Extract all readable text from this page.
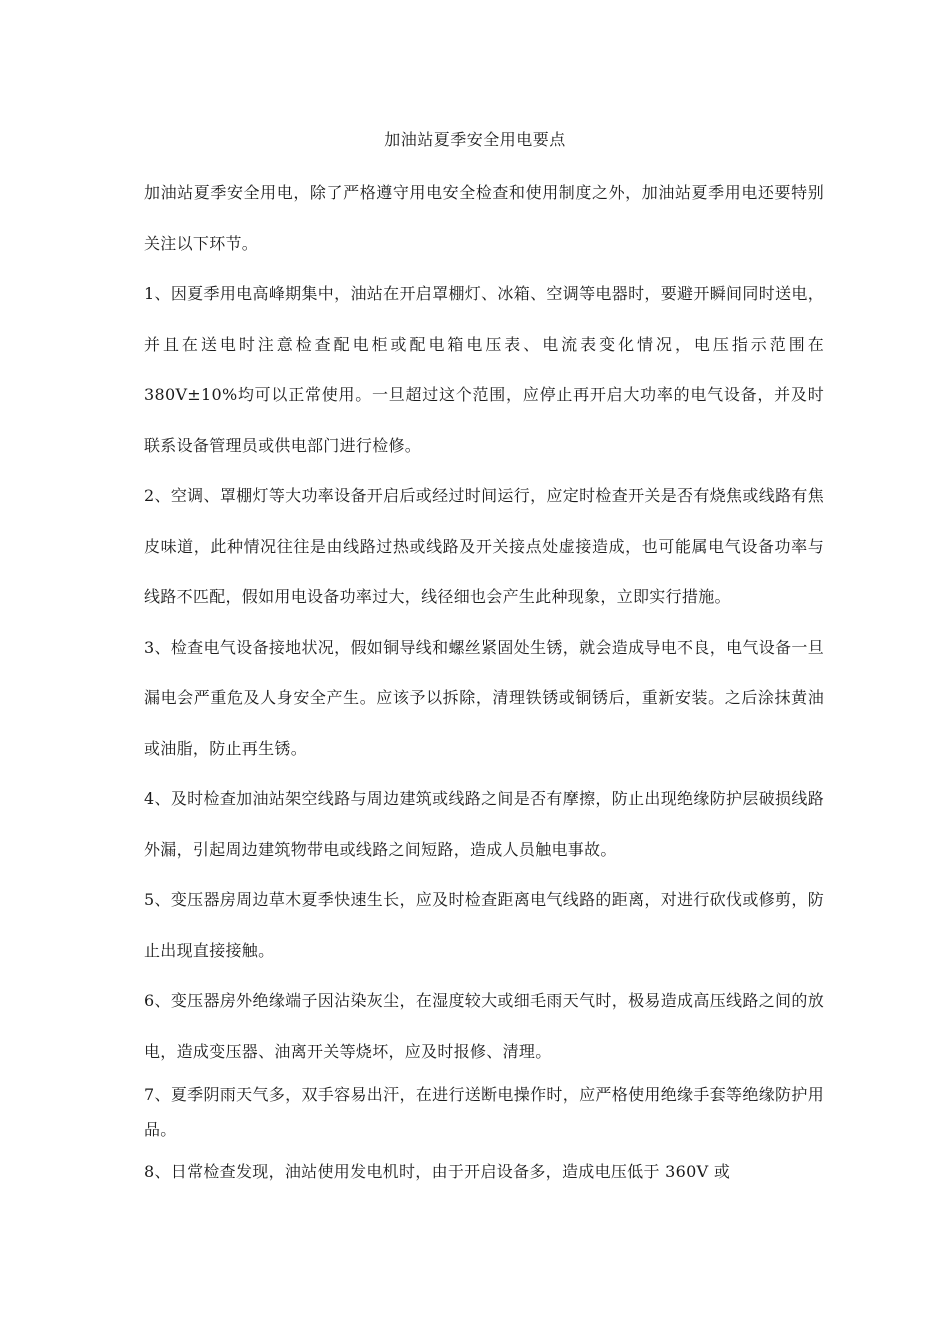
加油站夏季安全用电要点

加油站夏季安全用电，除了严格遵守用电安全检查和使用制度之外，加油站夏季用电还要特别关注以下环节。

1、因夏季用电高峰期集中，油站在开启罩棚灯、冰箱、空调等电器时，要避开瞬间同时送电，并且在送电时注意检查配电柜或配电箱电压表、电流表变化情况，电压指示范围在380V±10%均可以正常使用。一旦超过这个范围，应停止再开启大功率的电气设备，并及时联系设备管理员或供电部门进行检修。

2、空调、罩棚灯等大功率设备开启后或经过时间运行，应定时检查开关是否有烧焦或线路有焦皮味道，此种情况往往是由线路过热或线路及开关接点处虚接造成，也可能属电气设备功率与线路不匹配，假如用电设备功率过大，线径细也会产生此种现象，立即实行措施。

3、检查电气设备接地状况，假如铜导线和螺丝紧固处生锈，就会造成导电不良，电气设备一旦漏电会严重危及人身安全产生。应该予以拆除，清理铁锈或铜锈后，重新安装。之后涂抹黄油或油脂，防止再生锈。

4、及时检查加油站架空线路与周边建筑或线路之间是否有摩擦，防止出现绝缘防护层破损线路外漏，引起周边建筑物带电或线路之间短路，造成人员触电事故。

5、变压器房周边草木夏季快速生长，应及时检查距离电气线路的距离，对进行砍伐或修剪，防止出现直接接触。

6、变压器房外绝缘端子因沾染灰尘，在湿度较大或细毛雨天气时，极易造成高压线路之间的放电，造成变压器、油离开关等烧坏，应及时报修、清理。

7、夏季阴雨天气多，双手容易出汗，在进行送断电操作时，应严格使用绝缘手套等绝缘防护用品。

8、日常检查发现，油站使用发电机时，由于开启设备多，造成电压低于 360V 或
